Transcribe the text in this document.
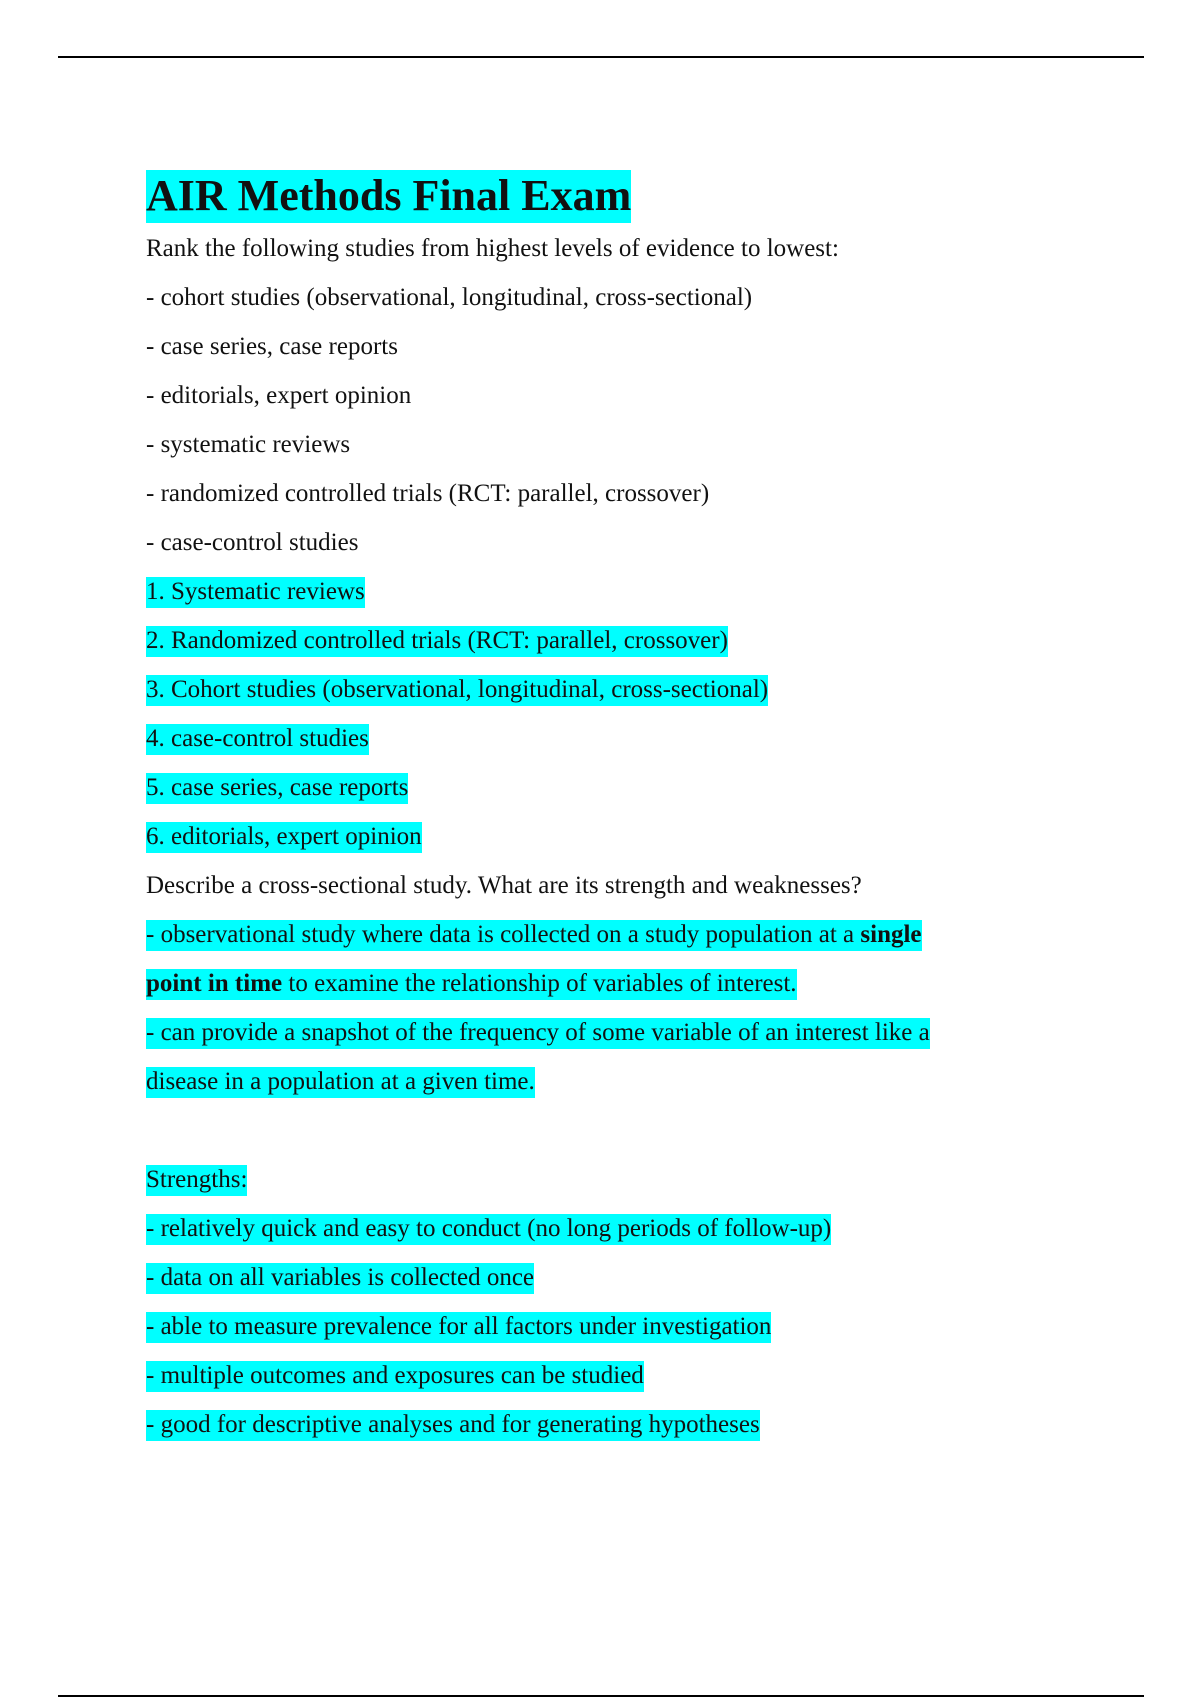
AIR Methods Final Exam

Rank the following studies from highest levels of evidence to lowest:

- cohort studies (observational, longitudinal, cross-sectional)

- case series, case reports

- editorials, expert opinion

- systematic reviews

- randomized controlled trials (RCT: parallel, crossover)

- case-control studies

1. Systematic reviews

2. Randomized controlled trials (RCT: parallel, crossover)

3. Cohort studies (observational, longitudinal, cross-sectional)

4. case-control studies

5. case series, case reports

6. editorials, expert opinion

Describe a cross-sectional study. What are its strength and weaknesses?

- observational study where data is collected on a study population at a single

point in time to examine the relationship of variables of interest.

- can provide a snapshot of the frequency of some variable of an interest like a

disease in a population at a given time.

Strengths:

- relatively quick and easy to conduct (no long periods of follow-up)

- data on all variables is collected once

- able to measure prevalence for all factors under investigation

- multiple outcomes and exposures can be studied

- good for descriptive analyses and for generating hypotheses
